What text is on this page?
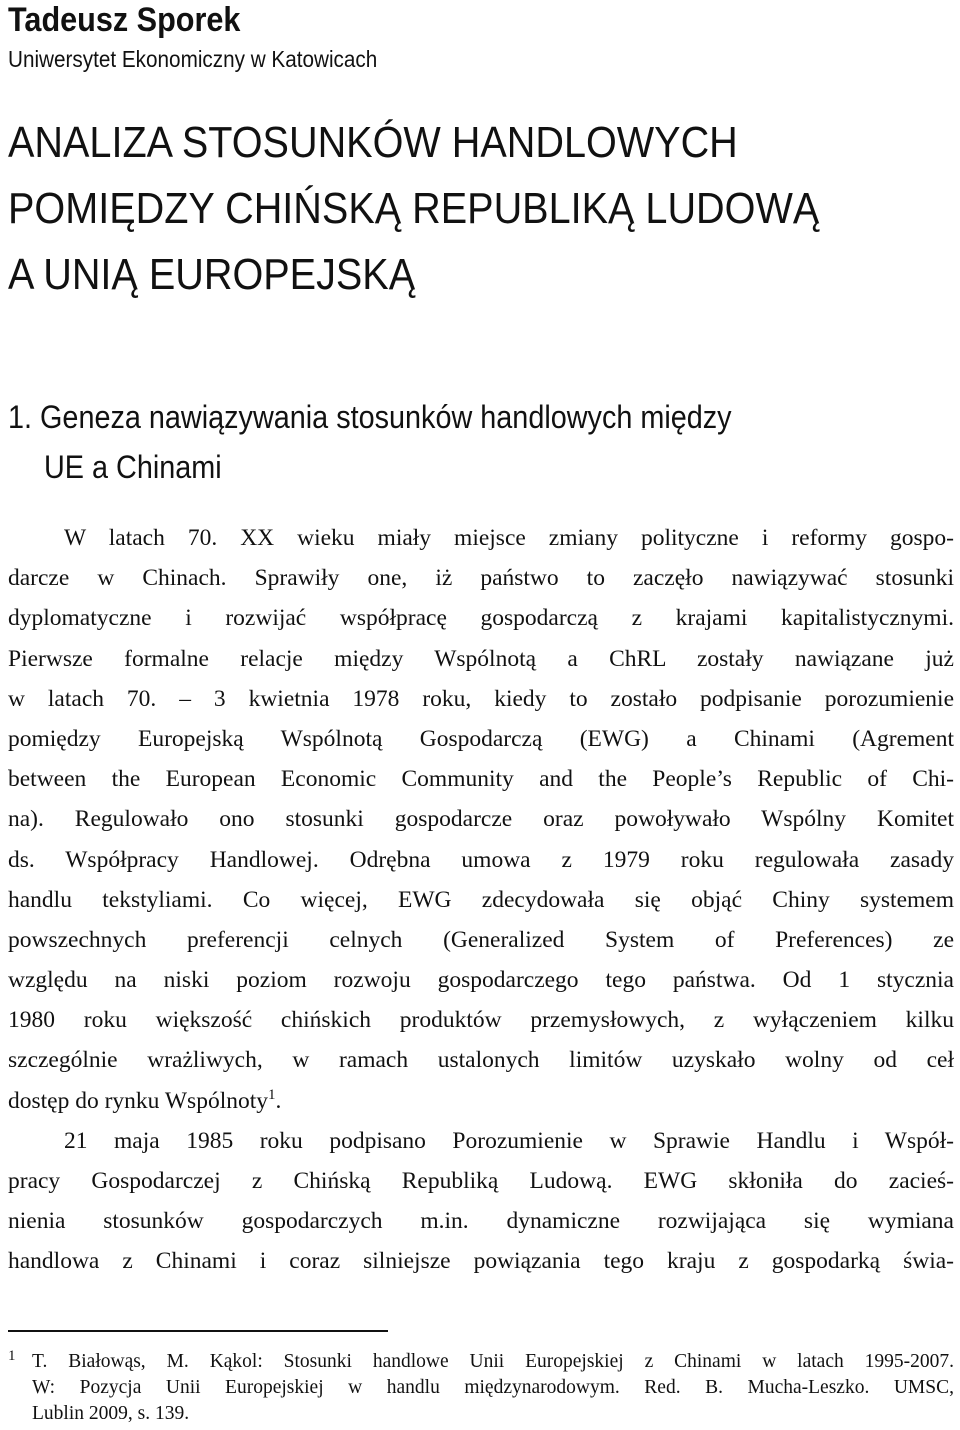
Tadeusz Sporek
Uniwersytet Ekonomiczny w Katowicach
ANALIZA STOSUNKÓW HANDLOWYCH
POMIĘDZY CHIŃSKĄ REPUBLIKĄ LUDOWĄ
A UNIĄ EUROPEJSKĄ
1. Geneza nawiązywania stosunków handlowych między
UE a Chinami
W latach 70. XX wieku miały miejsce zmiany polityczne i reformy gospo-
darcze w Chinach. Sprawiły one, iż państwo to zaczęło nawiązywać stosunki
dyplomatyczne i rozwijać współpracę gospodarczą z krajami kapitalistycznymi.
Pierwsze formalne relacje między Wspólnotą a ChRL zostały nawiązane już
w latach 70. – 3 kwietnia 1978 roku, kiedy to zostało podpisanie porozumienie
pomiędzy Europejską Wspólnotą Gospodarczą (EWG) a Chinami (Agrement
between the European Economic Community and the People’s Republic of Chi-
na). Regulowało ono stosunki gospodarcze oraz powoływało Wspólny Komitet
ds. Współpracy Handlowej. Odrębna umowa z 1979 roku regulowała zasady
handlu tekstyliami. Co więcej, EWG zdecydowała się objąć Chiny systemem
powszechnych preferencji celnych (Generalized System of Preferences) ze
względu na niski poziom rozwoju gospodarczego tego państwa. Od 1 stycznia
1980 roku większość chińskich produktów przemysłowych, z wyłączeniem kilku
szczególnie wrażliwych, w ramach ustalonych limitów uzyskało wolny od ceł
dostęp do rynku Wspólnoty$^1$.
21 maja 1985 roku podpisano Porozumienie w Sprawie Handlu i Współ-
pracy Gospodarczej z Chińską Republiką Ludową. EWG skłoniła do zacieś-
nienia stosunków gospodarczych m.in. dynamiczne rozwijająca się wymiana
handlowa z Chinami i coraz silniejsze powiązania tego kraju z gospodarką świa-
1 T. Białowąs, M. Kąkol: Stosunki handlowe Unii Europejskiej z Chinami w latach 1995-2007.
W: Pozycja Unii Europejskiej w handlu międzynarodowym. Red. B. Mucha-Leszko. UMSC,
Lublin 2009, s. 139.
